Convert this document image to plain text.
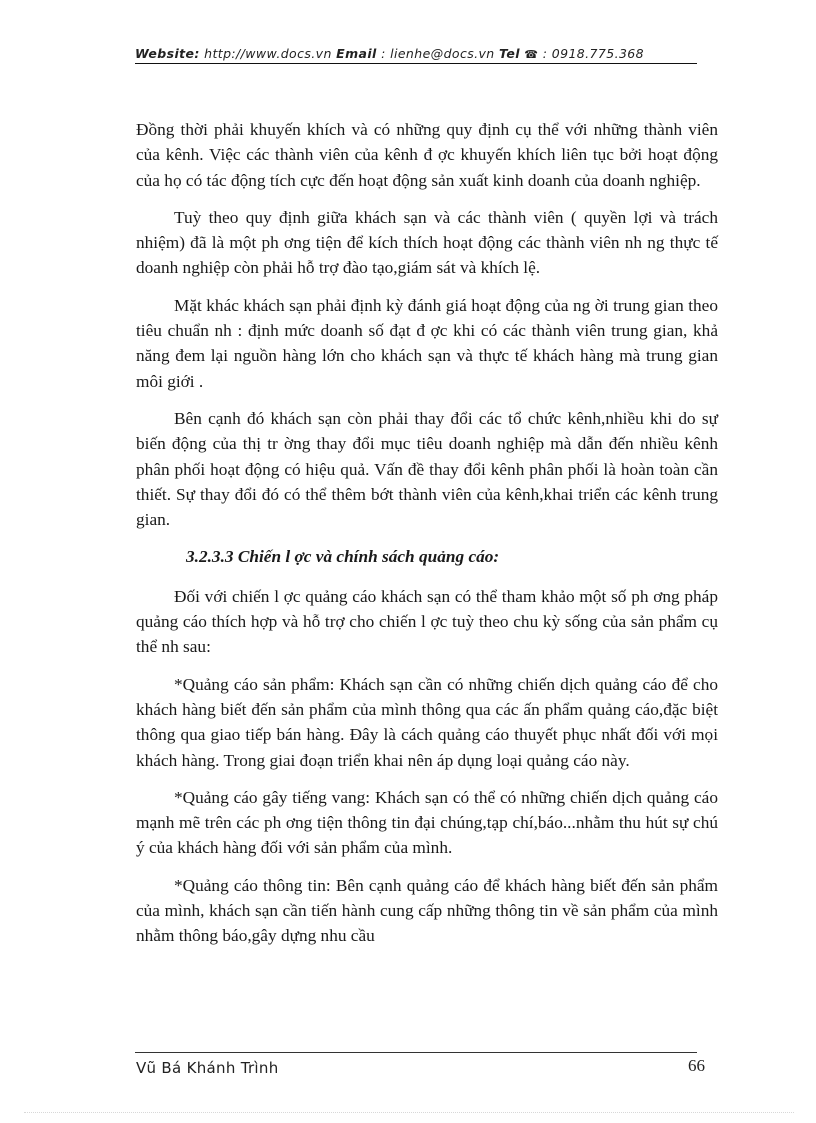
Website: http://www.docs.vn Email : lienhe@docs.vn Tel ☎ : 0918.775.368

Đồng thời phải khuyến khích và có những quy định cụ thể với những thành viên của kênh. Việc các thành viên của kênh đ ợc khuyến khích liên tục bởi hoạt động của họ có tác động tích cực đến hoạt động sản xuất kinh doanh của doanh nghiệp.

Tuỳ theo quy định giữa khách sạn và các thành viên ( quyền lợi và trách nhiệm) đã là một ph ơng tiện để kích thích hoạt động các thành viên nh ng thực tế doanh nghiệp còn phải hỗ trợ đào tạo,giám sát và khích lệ.

Mặt khác khách sạn phải định kỳ đánh giá hoạt động của ng ời trung gian theo tiêu chuẩn nh : định mức doanh số đạt đ ợc khi có các thành viên trung gian, khả năng đem lại nguồn hàng lớn cho khách sạn và thực tế khách hàng mà trung gian môi giới .

Bên cạnh đó khách sạn còn phải thay đổi các tổ chức kênh,nhiều khi do sự biến động của thị tr ờng thay đổi mục tiêu doanh nghiệp mà dẫn đến nhiều kênh phân phối hoạt động có hiệu quả. Vấn đề thay đổi kênh phân phối là hoàn toàn cần thiết. Sự thay đổi đó có thể thêm bớt thành viên của kênh,khai triển các kênh trung gian.

3.2.3.3 Chiến l ợc và chính sách quảng cáo:

Đối với chiến l ợc quảng cáo khách sạn có thể tham khảo một số ph ơng pháp quảng cáo thích hợp và hỗ trợ cho chiến l ợc tuỳ theo chu kỳ sống của sản phẩm cụ thể nh sau:

*Quảng cáo sản phẩm: Khách sạn cần có những chiến dịch quảng cáo để cho khách hàng biết đến sản phẩm của mình thông qua các ấn phẩm quảng cáo,đặc biệt thông qua giao tiếp bán hàng. Đây là cách quảng cáo thuyết phục nhất đối với mọi khách hàng. Trong giai đoạn triển khai nên áp dụng loại quảng cáo này.

*Quảng cáo gây tiếng vang: Khách sạn có thể có những chiến dịch quảng cáo mạnh mẽ trên các ph ơng tiện thông tin đại chúng,tạp chí,báo...nhằm thu hút sự chú ý của khách hàng đối với sản phẩm của mình.

*Quảng cáo thông tin: Bên cạnh quảng cáo để khách hàng biết đến sản phẩm của mình, khách sạn cần tiến hành cung cấp những thông tin về sản phẩm của mình nhằm thông báo,gây dựng nhu cầu

Vũ Bá Khánh Trình	66
